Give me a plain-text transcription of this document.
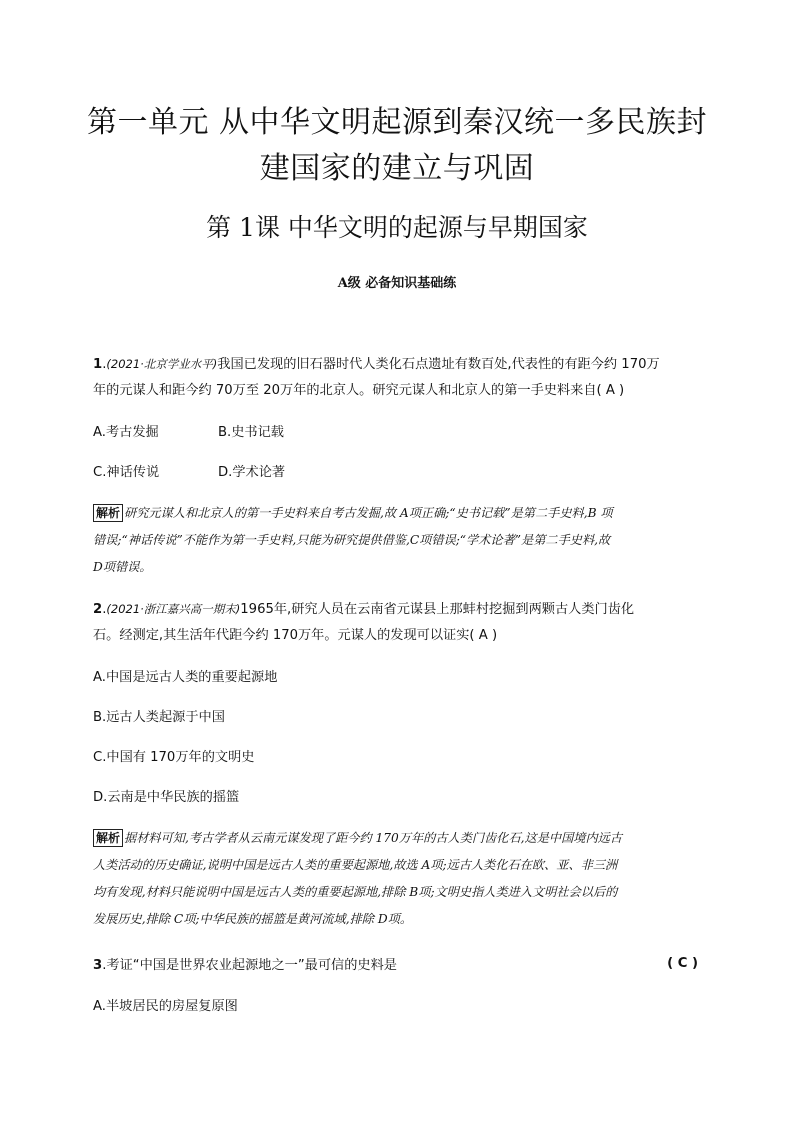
第一单元 从中华文明起源到秦汉统一多民族封
建国家的建立与巩固
第 1课 中华文明的起源与早期国家
A级 必备知识基础练
1.(2021·北京学业水平)我国已发现的旧石器时代人类化石点遗址有数百处,代表性的有距今约 170万
年的元谋人和距今约 70万至 20万年的北京人。研究元谋人和北京人的第一手史料来自( A )
A.考古发掘	B.史书记载
C.神话传说	D.学术论著
解析 研究元谋人和北京人的第一手史料来自考古发掘,故 A项正确;“史书记载”是第二手史料,B 项
错误;“神话传说”不能作为第一手史料,只能为研究提供借鉴,C项错误;“学术论著”是第二手史料,故
D项错误。
2.(2021·浙江嘉兴高一期末)1965年,研究人员在云南省元谋县上那蚌村挖掘到两颗古人类门齿化
石。经测定,其生活年代距今约 170万年。元谋人的发现可以证实( A )
A.中国是远古人类的重要起源地
B.远古人类起源于中国
C.中国有 170万年的文明史
D.云南是中华民族的摇篮
解析 据材料可知,考古学者从云南元谋发现了距今约 170万年的古人类门齿化石,这是中国境内远古
人类活动的历史确证,说明中国是远古人类的重要起源地,故选 A项;远古人类化石在欧、亚、非三洲
均有发现,材料只能说明中国是远古人类的重要起源地,排除 B项;文明史指人类进入文明社会以后的
发展历史,排除 C项;中华民族的摇篮是黄河流域,排除 D项。
3.考证“中国是世界农业起源地之一”最可信的史料是	( C )
A.半坡居民的房屋复原图
